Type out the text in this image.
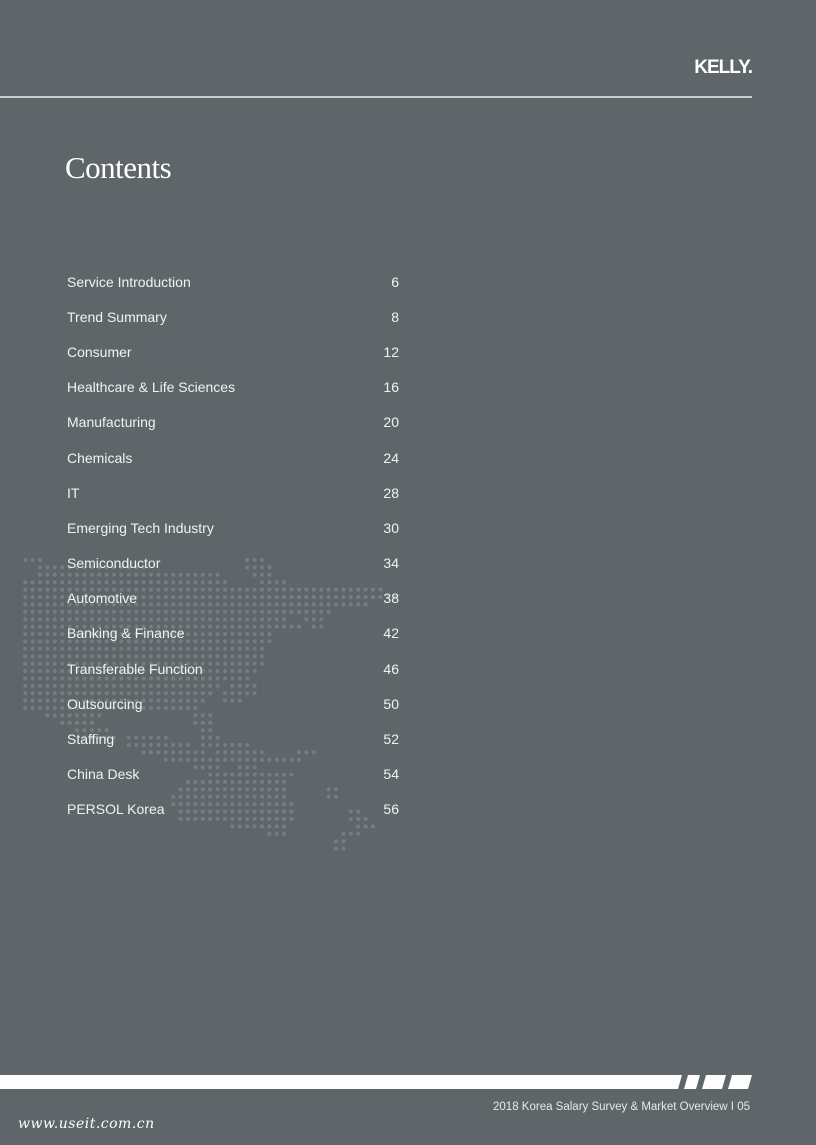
KELLY.
Contents
Service Introduction	6
Trend Summary	8
Consumer	12
Healthcare & Life Sciences	16
Manufacturing	20
Chemicals	24
IT	28
Emerging Tech Industry	30
Semiconductor	34
Automotive	38
Banking & Finance	42
Transferable Function	46
Outsourcing	50
Staffing	52
China Desk	54
PERSOL Korea	56
2018 Korea Salary Survey & Market Overview I 05
www.useit.com.cn
